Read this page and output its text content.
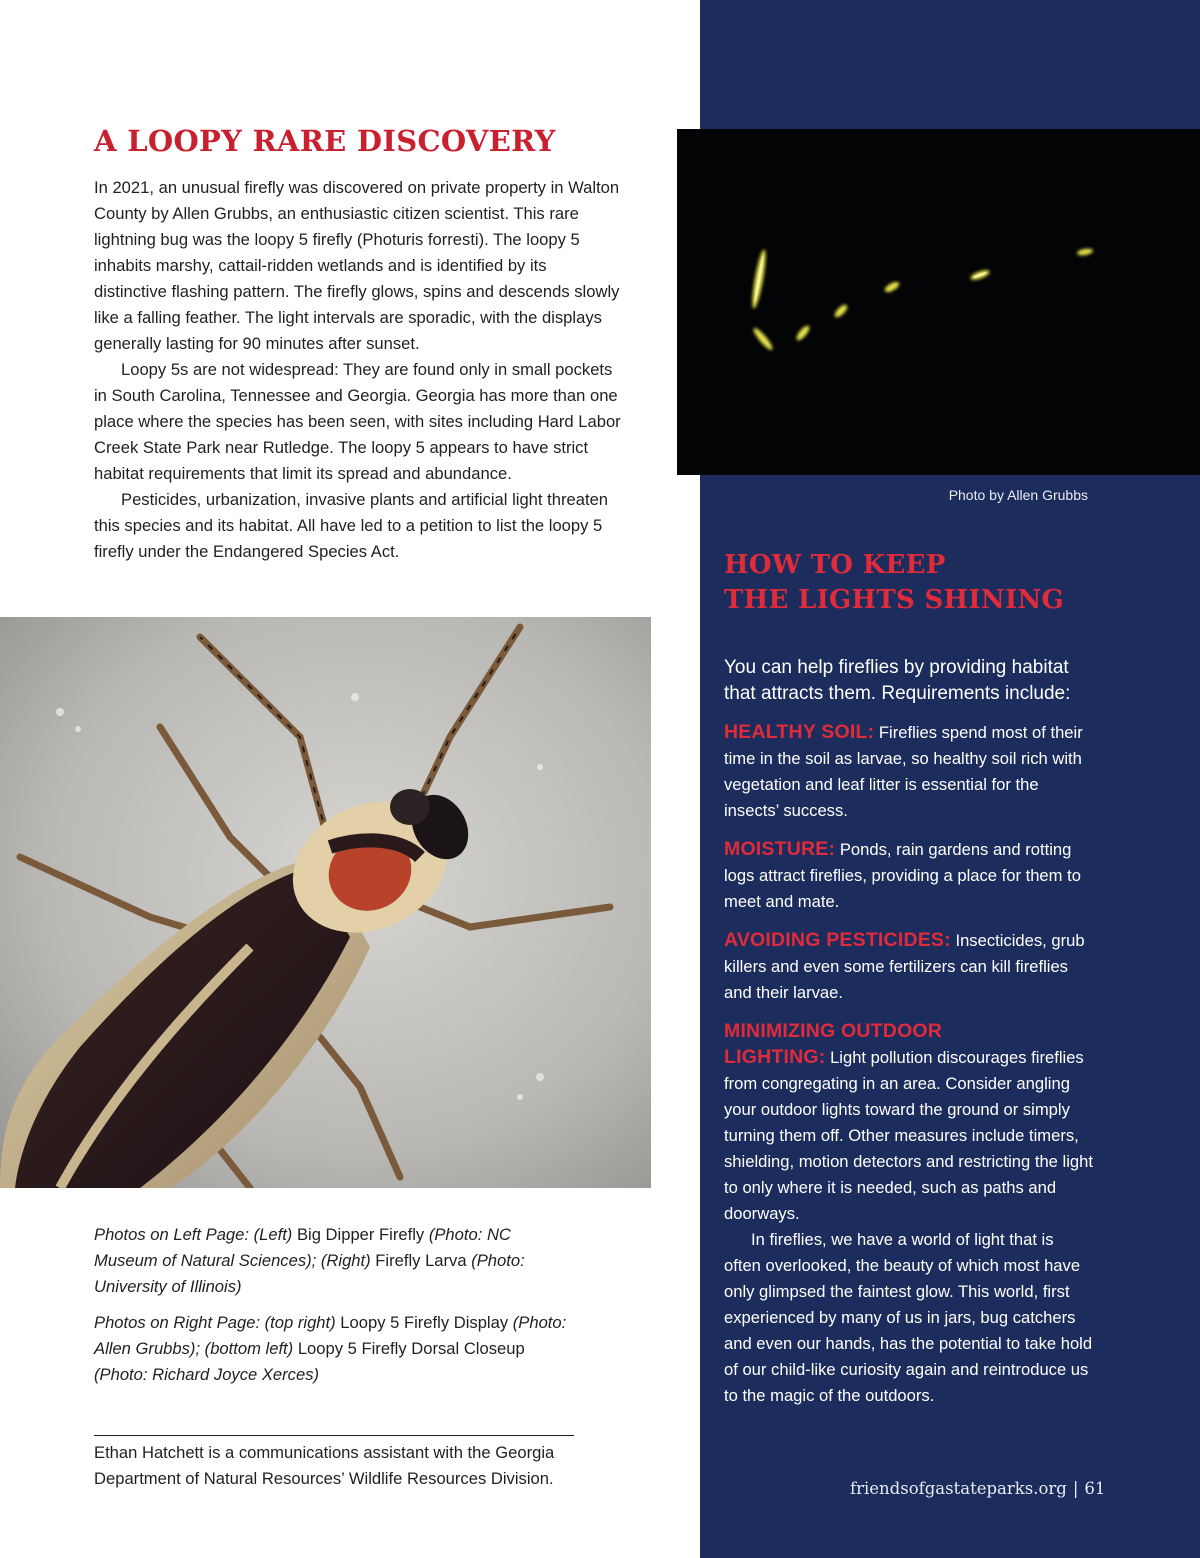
A LOOPY RARE DISCOVERY

In 2021, an unusual firefly was discovered on private property in Walton County by Allen Grubbs, an enthusiastic citizen scientist. This rare lightning bug was the loopy 5 firefly (Photuris forresti). The loopy 5 inhabits marshy, cattail-ridden wetlands and is identified by its distinctive flashing pattern. The firefly glows, spins and descends slowly like a falling feather. The light intervals are sporadic, with the displays generally lasting for 90 minutes after sunset.

Loopy 5s are not widespread: They are found only in small pockets in South Carolina, Tennessee and Georgia. Georgia has more than one place where the species has been seen, with sites including Hard Labor Creek State Park near Rutledge. The loopy 5 appears to have strict habitat requirements that limit its spread and abundance.

Pesticides, urbanization, invasive plants and artificial light threaten this species and its habitat. All have led to a petition to list the loopy 5 firefly under the Endangered Species Act.

Photos on Left Page: (Left) Big Dipper Firefly (Photo: NC Museum of Natural Sciences); (Right) Firefly Larva (Photo: University of Illinois)

Photos on Right Page: (top right) Loopy 5 Firefly Display (Photo: Allen Grubbs); (bottom left) Loopy 5 Firefly Dorsal Closeup (Photo: Richard Joyce Xerces)

Ethan Hatchett is a communications assistant with the Georgia Department of Natural Resources’ Wildlife Resources Division.

Photo by Allen Grubbs

HOW TO KEEP
THE LIGHTS SHINING

You can help fireflies by providing habitat that attracts them. Requirements include:

HEALTHY SOIL: Fireflies spend most of their time in the soil as larvae, so healthy soil rich with vegetation and leaf litter is essential for the insects’ success.

MOISTURE: Ponds, rain gardens and rotting logs attract fireflies, providing a place for them to meet and mate.

AVOIDING PESTICIDES: Insecticides, grub killers and even some fertilizers can kill fireflies and their larvae.

MINIMIZING OUTDOOR
LIGHTING: Light pollution discourages fireflies from congregating in an area. Consider angling your outdoor lights toward the ground or simply turning them off. Other measures include timers, shielding, motion detectors and restricting the light to only where it is needed, such as paths and doorways.

In fireflies, we have a world of light that is often overlooked, the beauty of which most have only glimpsed the faintest glow. This world, first experienced by many of us in jars, bug catchers and even our hands, has the potential to take hold of our child-like curiosity again and reintroduce us to the magic of the outdoors.

friendsofgastateparks.org | 61
